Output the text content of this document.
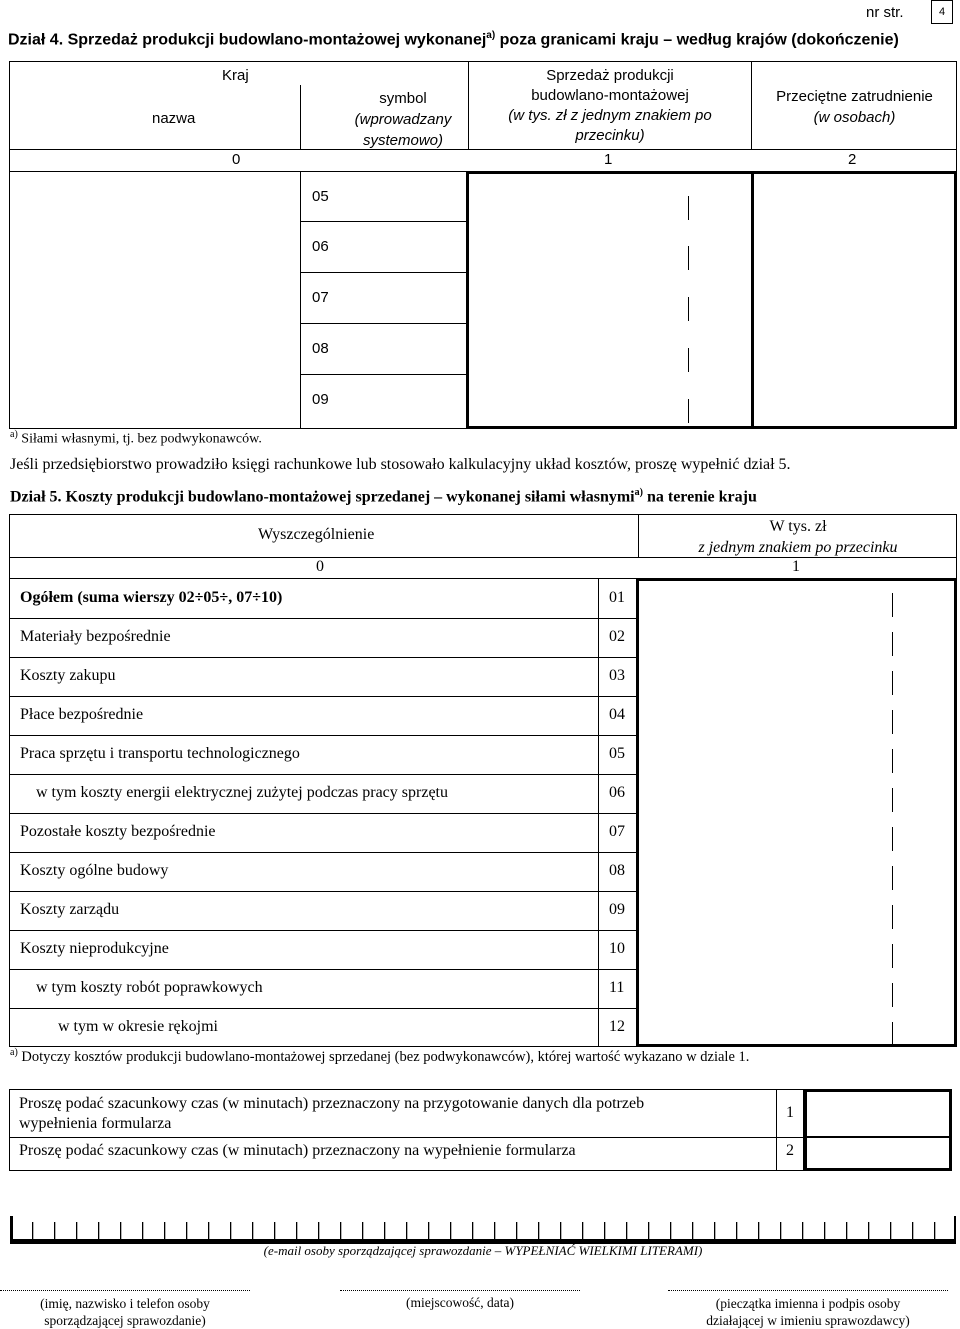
nr str.	4
Dział 4. Sprzedaż produkcji budowlano-montażowej wykonanej$^{a)}$ poza granicami kraju – według krajów (dokończenie)
Kraj
nazwa
symbol
(wprowadzany
systemowo)
Sprzedaż produkcji
budowlano-montażowej
(w tys. zł z jednym znakiem po
przecinku)
Przeciętne zatrudnienie
(w osobach)
0	1	2
05
06
07
08
09
$^{a)}$ Siłami własnymi, tj. bez podwykonawców.
Jeśli przedsiębiorstwo prowadziło księgi rachunkowe lub stosowało kalkulacyjny układ kosztów, proszę wypełnić dział 5.
Dział 5. Koszty produkcji budowlano-montażowej sprzedanej – wykonanej siłami własnymi$^{a)}$ na terenie kraju
Wyszczególnienie	W tys. zł
z jednym znakiem po przecinku
0	1
Ogółem (suma wierszy 02÷05÷, 07÷10)	01
Materiały bezpośrednie	02
Koszty zakupu	03
Płace bezpośrednie	04
Praca sprzętu i transportu technologicznego	05
w tym koszty energii elektrycznej zużytej podczas pracy sprzętu	06
Pozostałe koszty bezpośrednie	07
Koszty ogólne budowy	08
Koszty zarządu	09
Koszty nieprodukcyjne	10
w tym koszty robót poprawkowych	11
w tym w okresie rękojmi	12
$^{a)}$ Dotyczy kosztów produkcji budowlano-montażowej sprzedanej (bez podwykonawców), której wartość wykazano w dziale 1.
Proszę podać szacunkowy czas (w minutach) przeznaczony na przygotowanie danych dla potrzeb
wypełnienia formularza
1
Proszę podać szacunkowy czas (w minutach) przeznaczony na wypełnienie formularza	2
(e-mail osoby sporządzającej sprawozdanie – WYPEŁNIAĆ WIELKIMI LITERAMI)
(imię, nazwisko i telefon osoby
sporządzającej sprawozdanie)
(miejscowość, data)	(pieczątka imienna i podpis osoby
działającej w imieniu sprawozdawcy)
